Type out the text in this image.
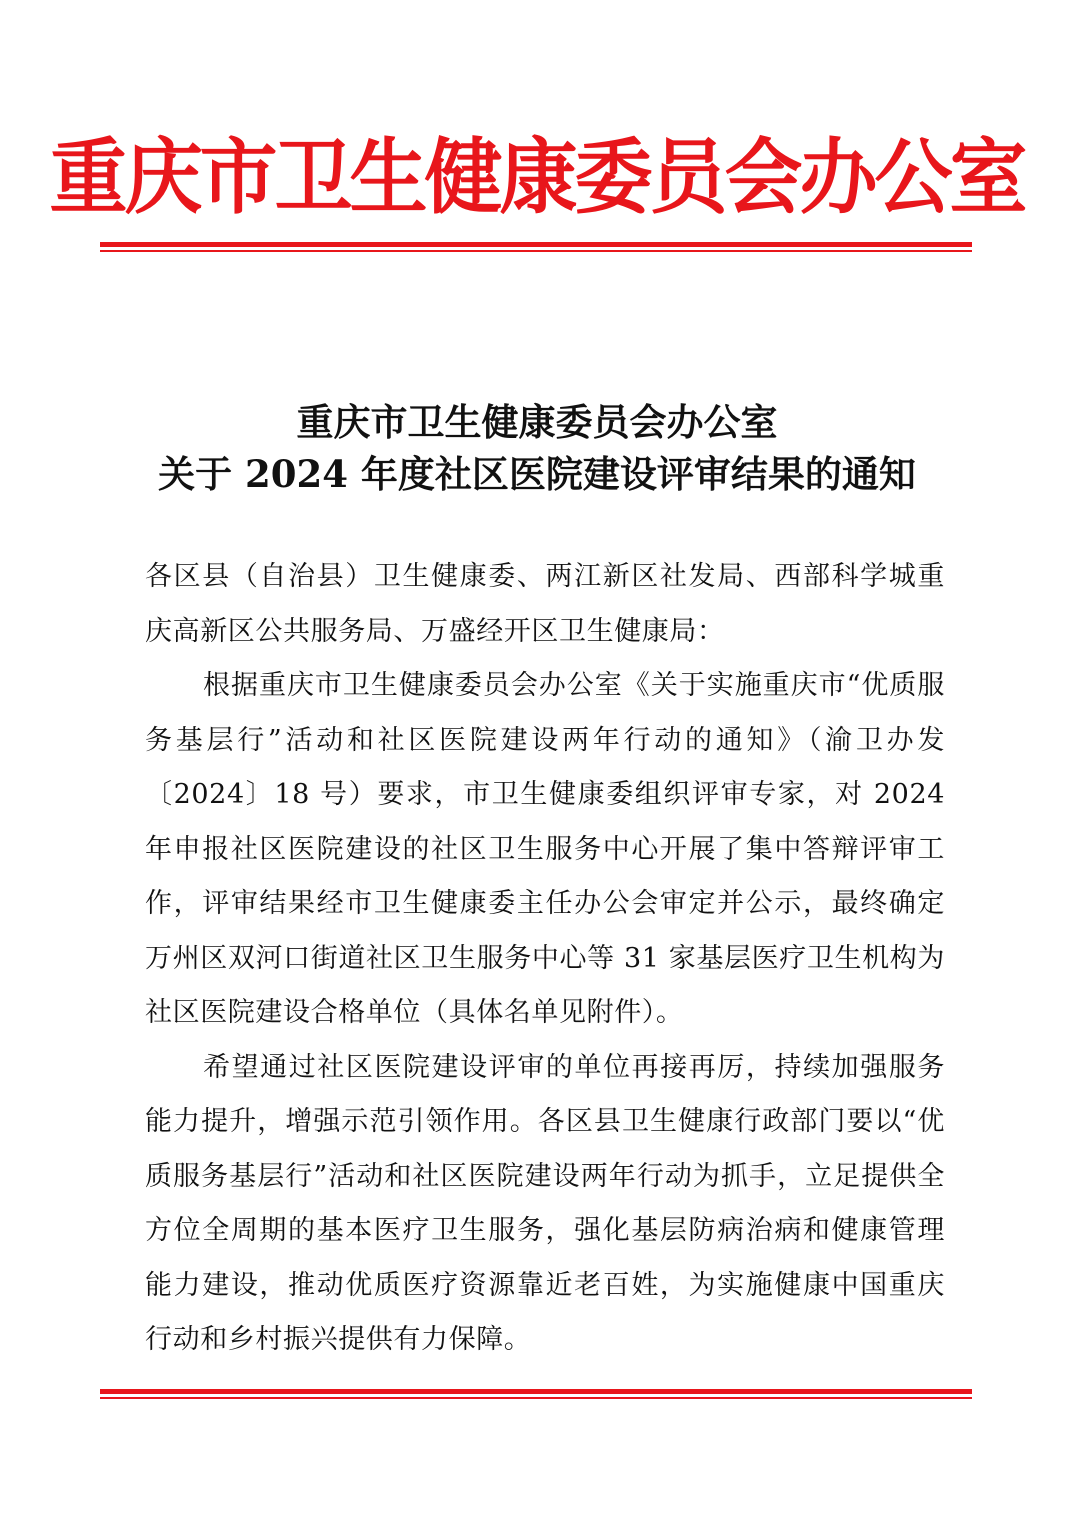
重庆市卫生健康委员会办公室
重庆市卫生健康委员会办公室
关于 2024 年度社区医院建设评审结果的通知

各区县（自治县）卫生健康委、两江新区社发局、西部科学城重庆高新区公共服务局、万盛经开区卫生健康局：

根据重庆市卫生健康委员会办公室《关于实施重庆市“优质服务基层行”活动和社区医院建设两年行动的通知》（渝卫办发〔2024〕18 号）要求，市卫生健康委组织评审专家，对 2024 年申报社区医院建设的社区卫生服务中心开展了集中答辩评审工作，评审结果经市卫生健康委主任办公会审定并公示，最终确定万州区双河口街道社区卫生服务中心等 31 家基层医疗卫生机构为社区医院建设合格单位（具体名单见附件）。

希望通过社区医院建设评审的单位再接再厉，持续加强服务能力提升，增强示范引领作用。各区县卫生健康行政部门要以“优质服务基层行”活动和社区医院建设两年行动为抓手，立足提供全方位全周期的基本医疗卫生服务，强化基层防病治病和健康管理能力建设，推动优质医疗资源靠近老百姓，为实施健康中国重庆行动和乡村振兴提供有力保障。
